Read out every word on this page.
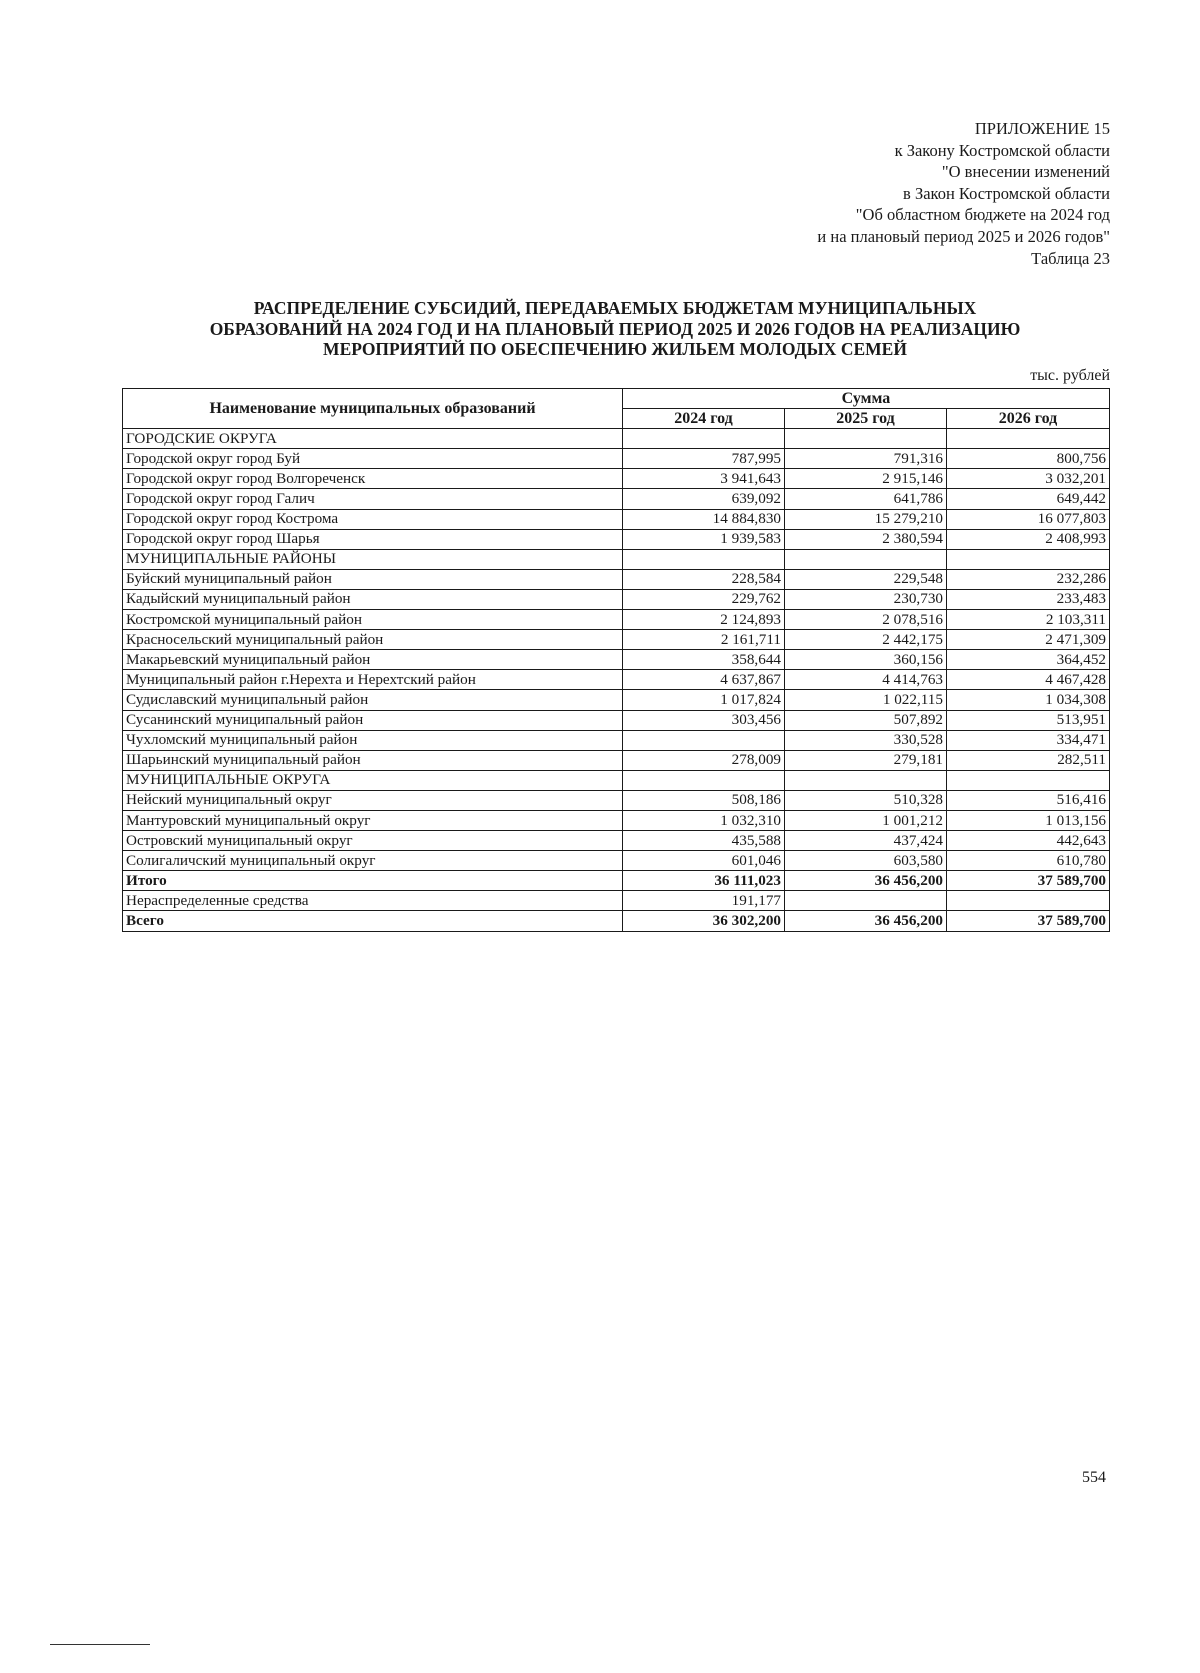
ПРИЛОЖЕНИЕ 15
к Закону Костромской области
"О внесении изменений
в Закон Костромской области
"Об областном бюджете на 2024 год
и на плановый период 2025 и 2026 годов"
Таблица 23
РАСПРЕДЕЛЕНИЕ СУБСИДИЙ, ПЕРЕДАВАЕМЫХ БЮДЖЕТАМ МУНИЦИПАЛЬНЫХ
ОБРАЗОВАНИЙ НА 2024 ГОД И НА ПЛАНОВЫЙ ПЕРИОД 2025 И 2026 ГОДОВ НА РЕАЛИЗАЦИЮ
МЕРОПРИЯТИЙ ПО ОБЕСПЕЧЕНИЮ ЖИЛЬЕМ МОЛОДЫХ СЕМЕЙ
тыс. рублей
Наименование муниципальных образований	Сумма		
	2024 год	2025 год	2026 год
ГОРОДСКИЕ ОКРУГА			
Городской округ город Буй	787,995	791,316	800,756
Городской округ город Волгореченск	3 941,643	2 915,146	3 032,201
Городской округ город Галич	639,092	641,786	649,442
Городской округ город Кострома	14 884,830	15 279,210	16 077,803
Городской округ город Шарья	1 939,583	2 380,594	2 408,993
МУНИЦИПАЛЬНЫЕ РАЙОНЫ			
Буйский муниципальный район	228,584	229,548	232,286
Кадыйский муниципальный район	229,762	230,730	233,483
Костромской муниципальный район	2 124,893	2 078,516	2 103,311
Красносельский муниципальный район	2 161,711	2 442,175	2 471,309
Макарьевский муниципальный район	358,644	360,156	364,452
Муниципальный район г.Нерехта и Нерехтский район	4 637,867	4 414,763	4 467,428
Судиславский муниципальный район	1 017,824	1 022,115	1 034,308
Сусанинский муниципальный район	303,456	507,892	513,951
Чухломский муниципальный район		330,528	334,471
Шарьинский муниципальный район	278,009	279,181	282,511
МУНИЦИПАЛЬНЫЕ ОКРУГА			
Нейский муниципальный округ	508,186	510,328	516,416
Мантуровский муниципальный округ	1 032,310	1 001,212	1 013,156
Островский муниципальный округ	435,588	437,424	442,643
Солигаличский муниципальный округ	601,046	603,580	610,780
Итого	36 111,023	36 456,200	37 589,700
Нераспределенные средства	191,177		
Всего	36 302,200	36 456,200	37 589,700
554
